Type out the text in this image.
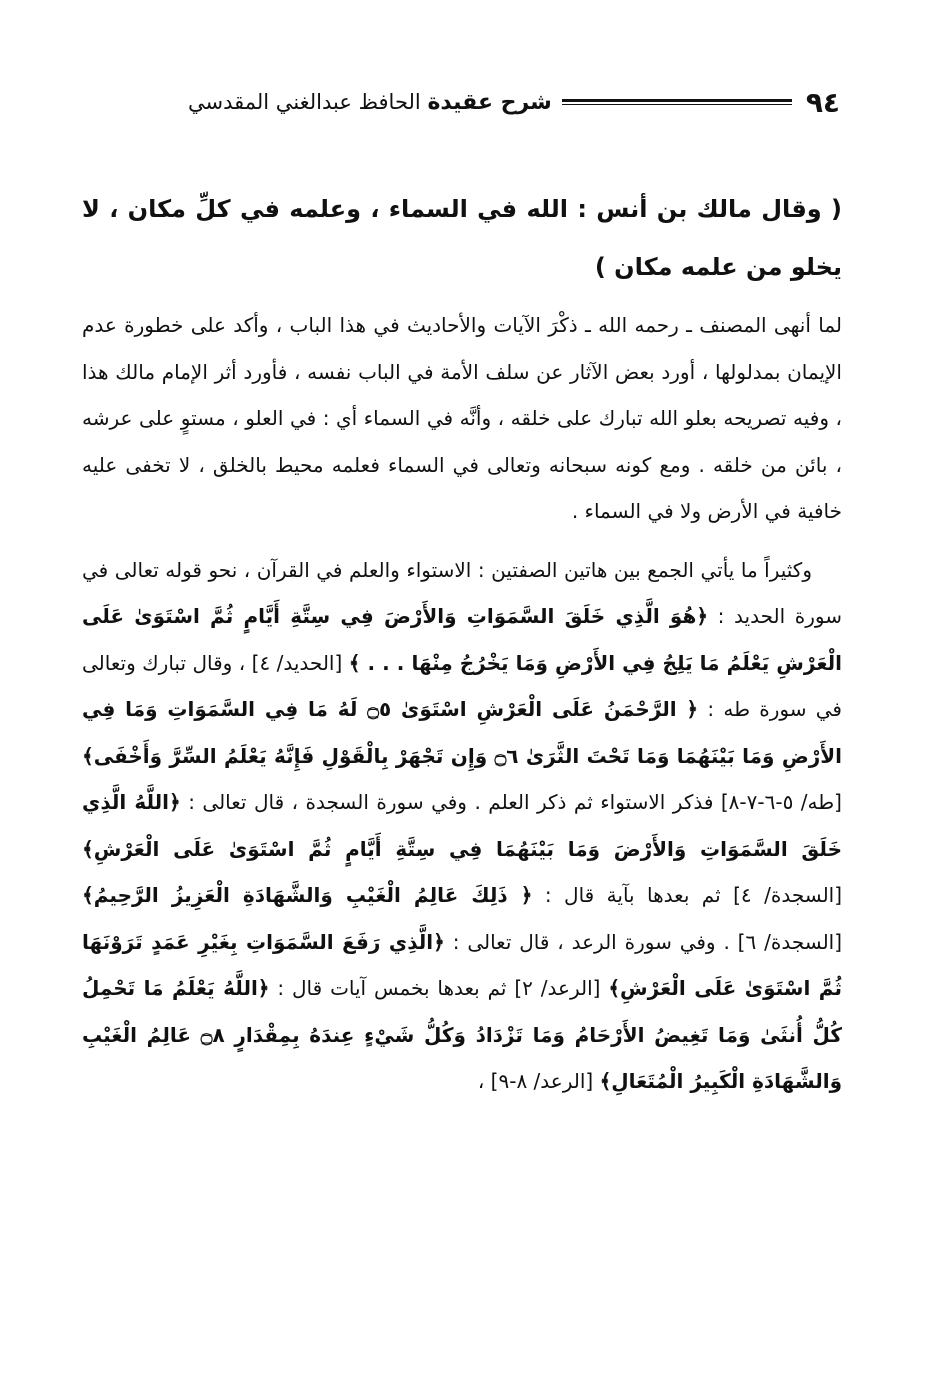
٩٤
شرح عقيدة الحافظ عبدالغني المقدسي

( وقال مالك بن أنس : الله في السماء ، وعلمه في كلِّ مكان ، لا يخلو من علمه مكان )

لما أنهى المصنف ـ رحمه الله ـ ذكْرَ الآيات والأحاديث في هذا الباب ، وأكد على خطورة عدم الإيمان بمدلولها ، أورد بعض الآثار عن سلف الأمة في الباب نفسه ، فأورد أثر الإمام مالك هذا ، وفيه تصريحه بعلو الله تبارك على خلقه ، وأنَّه في السماء أي : في العلو ، مستوٍ على عرشه ، بائن من خلقه . ومع كونه سبحانه وتعالى في السماء فعلمه محيط بالخلق ، لا تخفى عليه خافية في الأرض ولا في السماء .

وكثيراً ما يأتي الجمع بين هاتين الصفتين : الاستواء والعلم في القرآن ، نحو قوله تعالى في سورة الحديد : ﴿هُوَ الَّذِي خَلَقَ السَّمَوَاتِ وَالأَرْضَ فِي سِتَّةِ أَيَّامٍ ثُمَّ اسْتَوَىٰ عَلَى الْعَرْشِ يَعْلَمُ مَا يَلِجُ فِي الأَرْضِ وَمَا يَخْرُجُ مِنْهَا . . . ﴾ [الحديد/ ٤] ، وقال تبارك وتعالى في سورة طه : ﴿ الرَّحْمَنُ عَلَى الْعَرْشِ اسْتَوَىٰ ۝٥ لَهُ مَا فِي السَّمَوَاتِ وَمَا فِي الأَرْضِ وَمَا بَيْنَهُمَا وَمَا تَحْتَ الثَّرَىٰ ۝٦ وَإِن تَجْهَرْ بِالْقَوْلِ فَإِنَّهُ يَعْلَمُ السِّرَّ وَأَخْفَى﴾ [طه/ ٥-٦-٧-٨] فذكر الاستواء ثم ذكر العلم . وفي سورة السجدة ، قال تعالى : ﴿اللَّهُ الَّذِي خَلَقَ السَّمَوَاتِ وَالأَرْضَ وَمَا بَيْنَهُمَا فِي سِتَّةِ أَيَّامٍ ثُمَّ اسْتَوَىٰ عَلَى الْعَرْشِ﴾ [السجدة/ ٤] ثم بعدها بآية قال : ﴿ ذَلِكَ عَالِمُ الْغَيْبِ وَالشَّهَادَةِ الْعَزِيزُ الرَّحِيمُ﴾ [السجدة/ ٦] . وفي سورة الرعد ، قال تعالى : ﴿الَّذِي رَفَعَ السَّمَوَاتِ بِغَيْرِ عَمَدٍ تَرَوْنَهَا ثُمَّ اسْتَوَىٰ عَلَى الْعَرْشِ﴾ [الرعد/ ٢] ثم بعدها بخمس آيات قال : ﴿اللَّهُ يَعْلَمُ مَا تَحْمِلُ كُلُّ أُنثَىٰ وَمَا تَغِيضُ الأَرْحَامُ وَمَا تَزْدَادُ وَكُلُّ شَيْءٍ عِندَهُ بِمِقْدَارٍ ۝٨ عَالِمُ الْغَيْبِ وَالشَّهَادَةِ الْكَبِيرُ الْمُتَعَالِ﴾ [الرعد/ ٨-٩] ،
